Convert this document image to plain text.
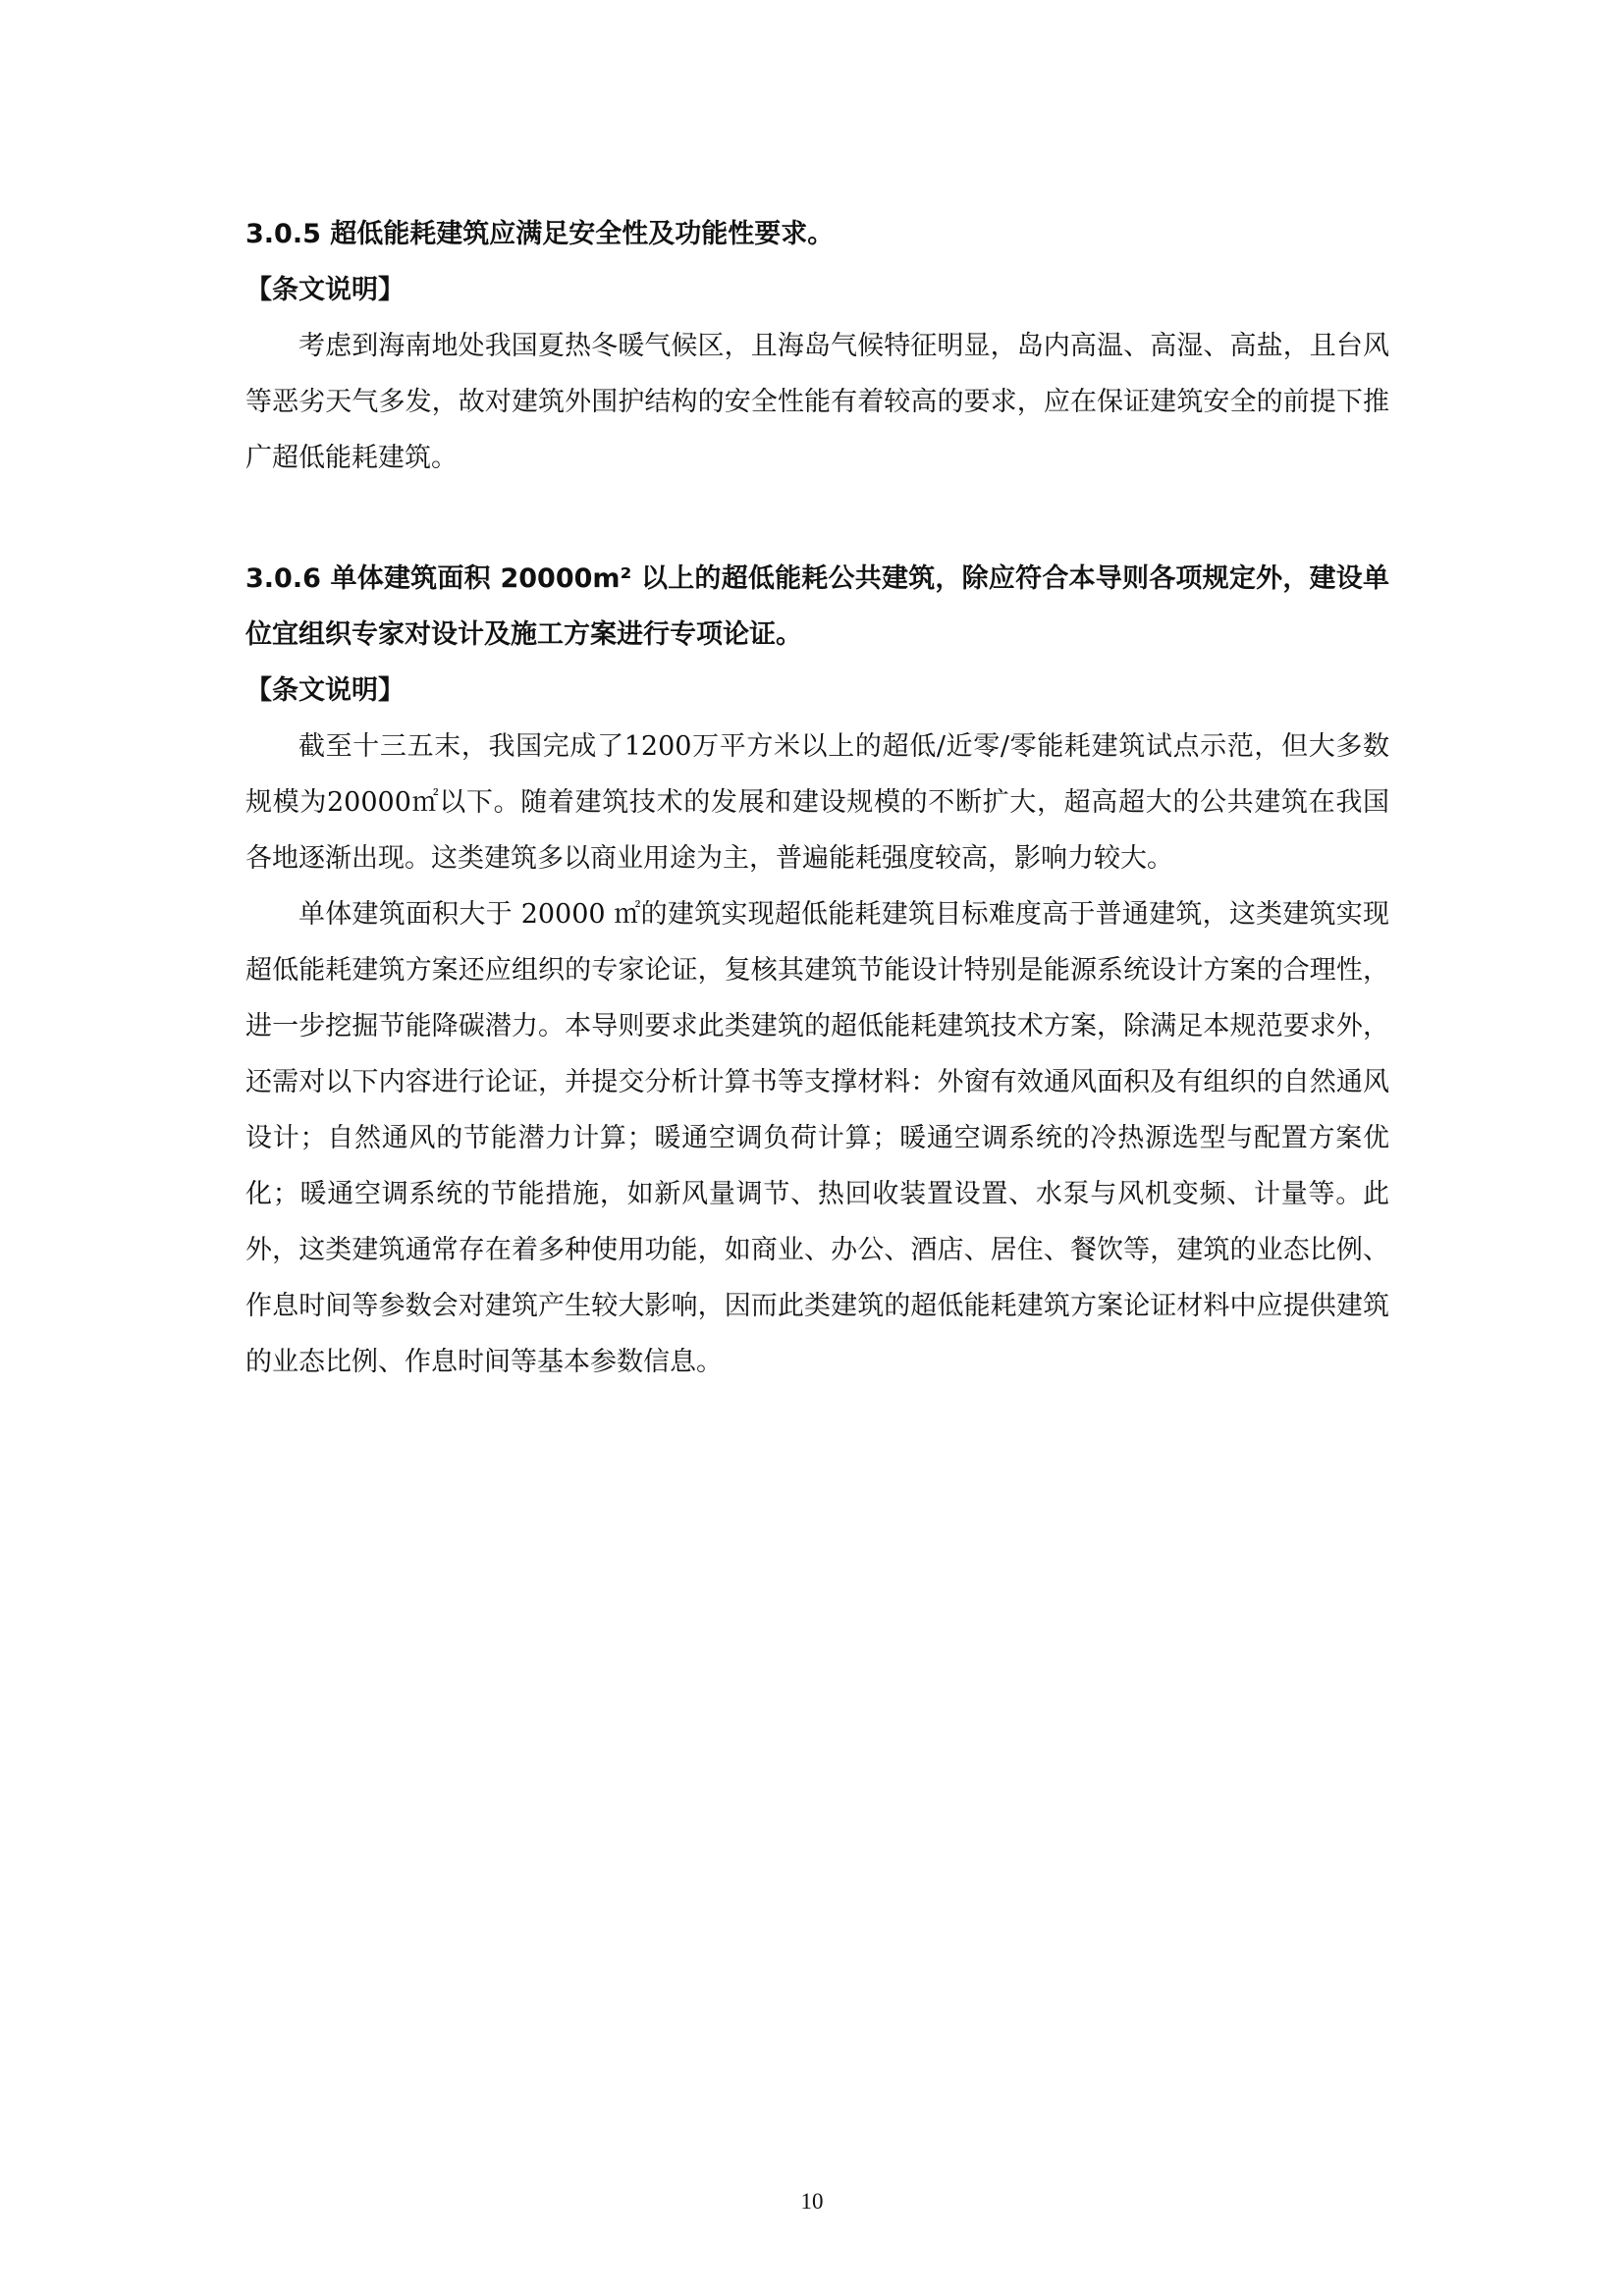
3.0.5 超低能耗建筑应满足安全性及功能性要求。

【条文说明】

考虑到海南地处我国夏热冬暖气候区，且海岛气候特征明显，岛内高温、高湿、高盐，且台风等恶劣天气多发，故对建筑外围护结构的安全性能有着较高的要求，应在保证建筑安全的前提下推广超低能耗建筑。

3.0.6 单体建筑面积 20000m² 以上的超低能耗公共建筑，除应符合本导则各项规定外，建设单位宜组织专家对设计及施工方案进行专项论证。

【条文说明】

截至十三五末，我国完成了1200万平方米以上的超低/近零/零能耗建筑试点示范，但大多数规模为20000㎡以下。随着建筑技术的发展和建设规模的不断扩大，超高超大的公共建筑在我国各地逐渐出现。这类建筑多以商业用途为主，普遍能耗强度较高，影响力较大。

单体建筑面积大于 20000 ㎡的建筑实现超低能耗建筑目标难度高于普通建筑，这类建筑实现超低能耗建筑方案还应组织的专家论证，复核其建筑节能设计特别是能源系统设计方案的合理性，进一步挖掘节能降碳潜力。本导则要求此类建筑的超低能耗建筑技术方案，除满足本规范要求外，还需对以下内容进行论证，并提交分析计算书等支撑材料：外窗有效通风面积及有组织的自然通风设计；自然通风的节能潜力计算；暖通空调负荷计算；暖通空调系统的冷热源选型与配置方案优化；暖通空调系统的节能措施，如新风量调节、热回收装置设置、水泵与风机变频、计量等。此外，这类建筑通常存在着多种使用功能，如商业、办公、酒店、居住、餐饮等，建筑的业态比例、作息时间等参数会对建筑产生较大影响，因而此类建筑的超低能耗建筑方案论证材料中应提供建筑的业态比例、作息时间等基本参数信息。

10
